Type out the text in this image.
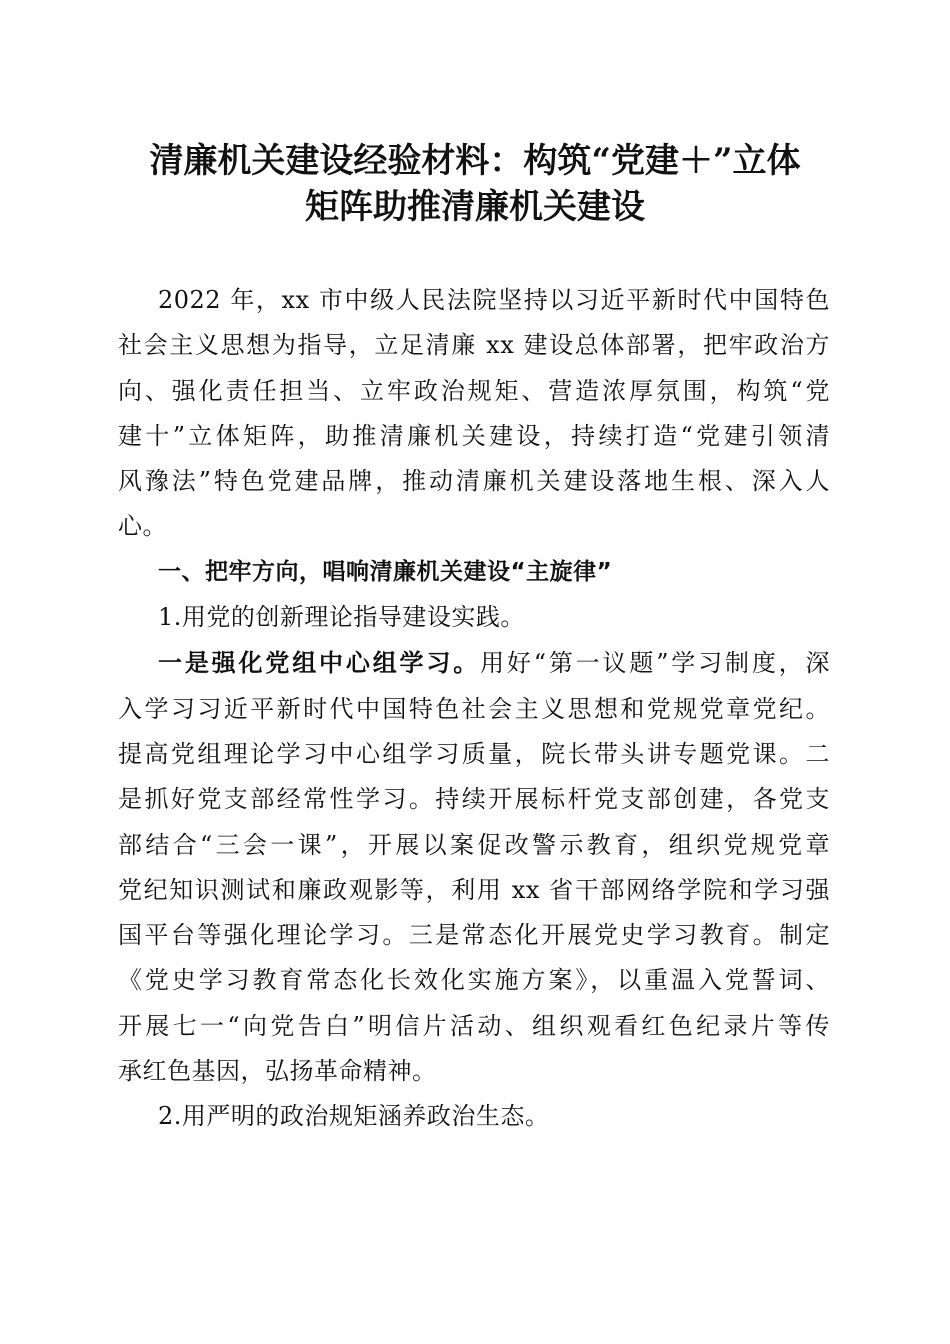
清廉机关建设经验材料：构筑“党建＋”立体
矩阵助推清廉机关建设

2022 年，xx 市中级人民法院坚持以习近平新时代中国特色
社会主义思想为指导，立足清廉 xx 建设总体部署，把牢政治方
向、强化责任担当、立牢政治规矩、营造浓厚氛围，构筑“党
建十”立体矩阵，助推清廉机关建设，持续打造“党建引领清
风豫法”特色党建品牌，推动清廉机关建设落地生根、深入人
心。

一、把牢方向，唱响清廉机关建设“主旋律”

1.用党的创新理论指导建设实践。

一是强化党组中心组学习。用好“第一议题”学习制度，深
入学习习近平新时代中国特色社会主义思想和党规党章党纪。
提高党组理论学习中心组学习质量，院长带头讲专题党课。二
是抓好党支部经常性学习。持续开展标杆党支部创建，各党支
部结合“三会一课”，开展以案促改警示教育，组织党规党章
党纪知识测试和廉政观影等，利用 xx 省干部网络学院和学习强
国平台等强化理论学习。三是常态化开展党史学习教育。制定
《党史学习教育常态化长效化实施方案》，以重温入党誓词、
开展七一“向党告白”明信片活动、组织观看红色纪录片等传
承红色基因，弘扬革命精神。

2.用严明的政治规矩涵养政治生态。
